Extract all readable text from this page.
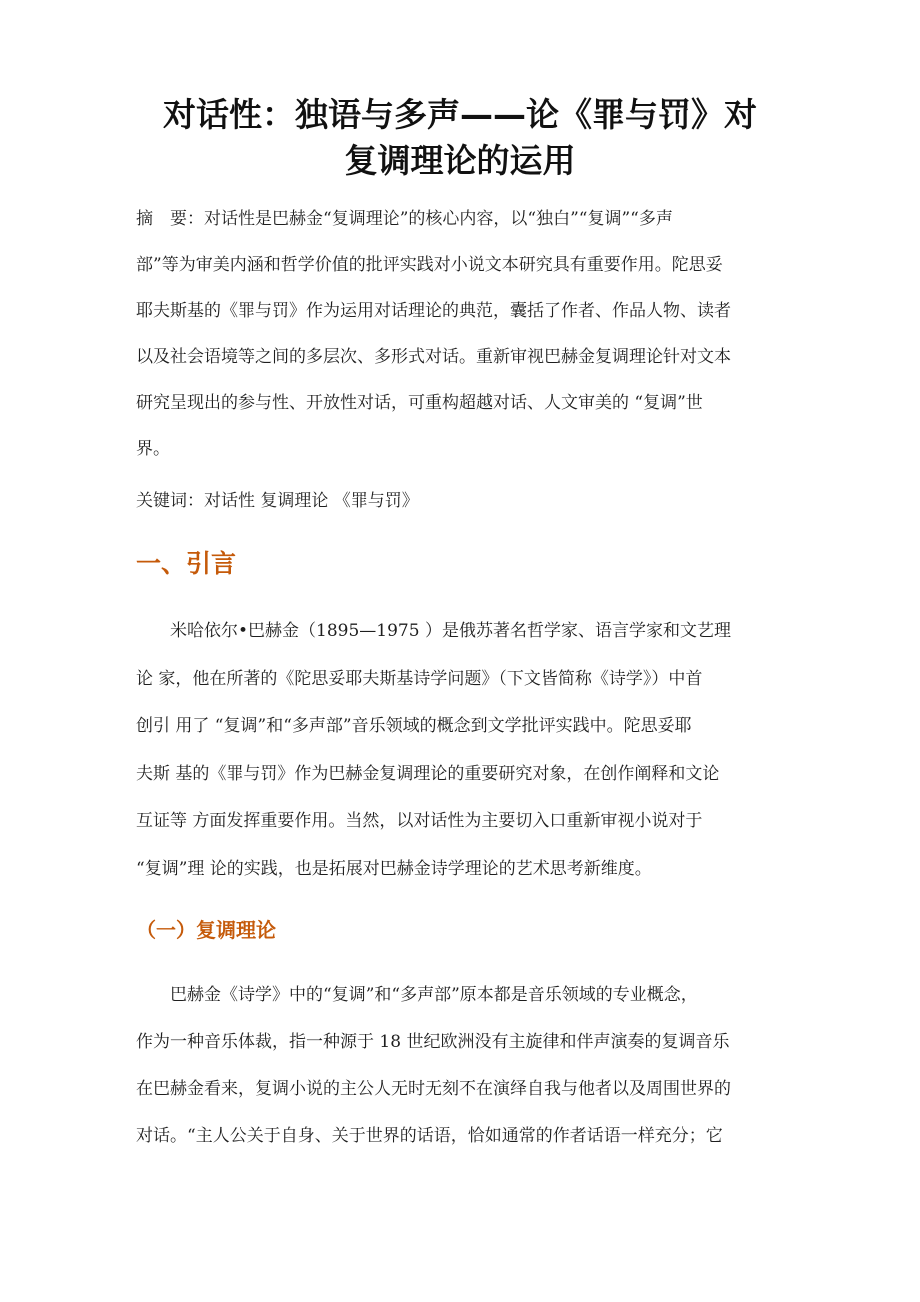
对话性：独语与多声——论《罪与罚》对
复调理论的运用
摘　要：对话性是巴赫金“复调理论”的核心内容，以“独白”“复调”“多声
部”等为审美内涵和哲学价值的批评实践对小说文本研究具有重要作用。陀思妥
耶夫斯基的《罪与罚》作为运用对话理论的典范，囊括了作者、作品人物、读者
以及社会语境等之间的多层次、多形式对话。重新审视巴赫金复调理论针对文本
研究呈现出的参与性、开放性对话，可重构超越对话、人文审美的 “复调”世
界。
关键词：对话性 复调理论 《罪与罚》
一、引言
　　米哈依尔•巴赫金（1895—1975 ）是俄苏著名哲学家、语言学家和文艺理
论 家，他在所著的《陀思妥耶夫斯基诗学问题》（下文皆简称《诗学》）中首
创引 用了 “复调”和“多声部”音乐领域的概念到文学批评实践中。陀思妥耶
夫斯 基的《罪与罚》作为巴赫金复调理论的重要研究对象，在创作阐释和文论
互证等 方面发挥重要作用。当然，以对话性为主要切入口重新审视小说对于
“复调”理 论的实践，也是拓展对巴赫金诗学理论的艺术思考新维度。
（一）复调理论
　　巴赫金《诗学》中的“复调”和“多声部”原本都是音乐领域的专业概念，
作为一种音乐体裁，指一种源于 18 世纪欧洲没有主旋律和伴声演奏的复调音乐
在巴赫金看来，复调小说的主公人无时无刻不在演绎自我与他者以及周围世界的
对话。“主人公关于自身、关于世界的话语，恰如通常的作者话语一样充分；它
